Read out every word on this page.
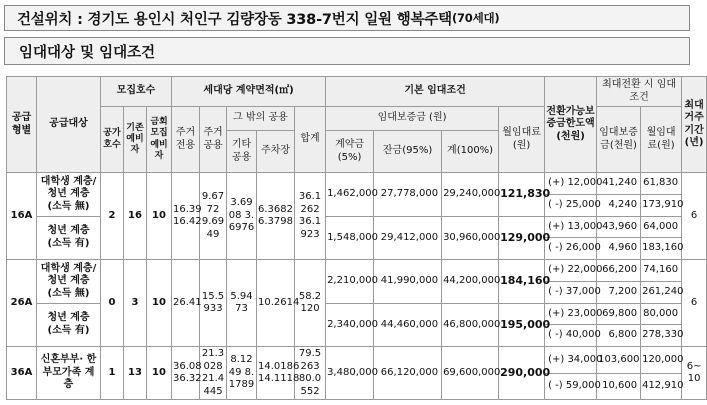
건설위치 : 경기도 용인시 처인구 김량장동 338-7번지 일원 행복주택 (70세대)
임대대상 및 임대조건
공급형별	공급대상	모집호수			세대당 계약면적(㎡)					기본 임대조건				전환가능보증금한도액(천원)	최대전환 시 임대조건		최대거주기간(년)
		공가호수	기존예비자	금회모집예비자	주거전용	주거공용	그 밖의 공용		합계	임대보증금 (원)			월임대료(원)		임대보증금(천원)	월임대료(원)	
							기타공용	주차장		계약금(5%)	잔금(95%)	계(100%)					
16A	대학생 계층/ 청년 계층
(소득 無)	2	16	10	16.39 16.42	9.6772 9.6949	3.6908 3.6976	6.3682 6.3798	36.1262 36.1923	1,462,000	27,778,000	29,240,000	121,830	(+) 12,000	41,240	61,830	6
														( -) 25,000	4,240	173,910	
	청년 계층
(소득 有)									1,548,000	29,412,000	30,960,000	129,000	(+) 13,000	43,960	64,000	
														( -) 26,000	4,960	183,160	
26A	대학생 계층/ 청년 계층
(소득 無)	0	3	10	26.41	15.5933	5.9473	10.2614	58.2120	2,210,000	41,990,000	44,200,000	184,160	(+) 22,000	66,200	74,160	6
														( -) 37,000	7,200	261,240	
	청년 계층
(소득 有)									2,340,000	44,460,000	46,800,000	195,000	(+) 23,000	69,800	80,000	
														( -) 40,000	6,800	278,330	
36A	신혼부부· 한부모가족 계층	1	13	10	36.08 36.32	21.3028 21.4445	8.1249 8.1789	14.0186 14.1118	79.5263 80.0552	3,480,000	66,120,000	69,600,000	290,000	(+) 34,000	103,600	120,000	6~ 10
														( -) 59,000	10,600	412,910	
